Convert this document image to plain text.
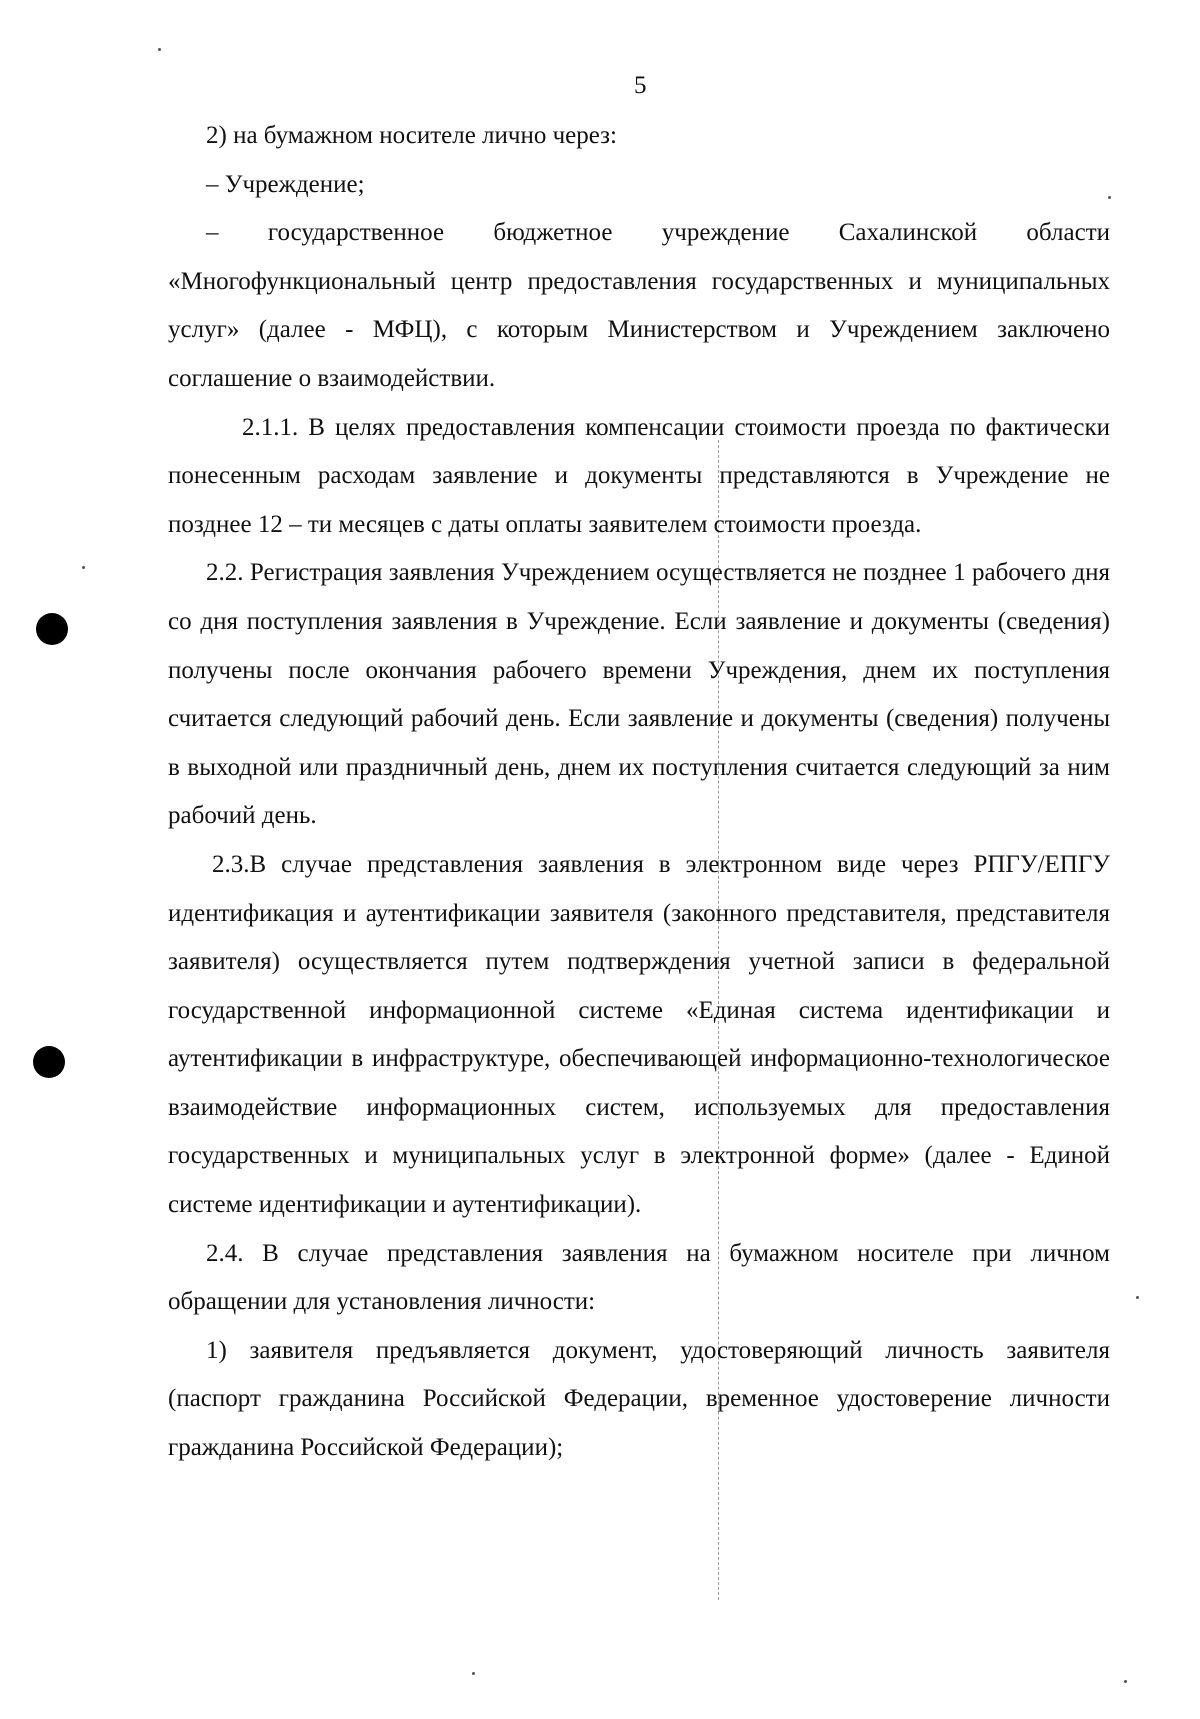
5

2) на бумажном носителе лично через:

– Учреждение;

– государственное бюджетное учреждение Сахалинской области «Многофункциональный центр предоставления государственных и муниципальных услуг» (далее - МФЦ), с которым Министерством и Учреждением заключено соглашение о взаимодействии.

2.1.1. В целях предоставления компенсации стоимости проезда по фактически понесенным расходам заявление и документы представляются в Учреждение не позднее 12 – ти месяцев с даты оплаты заявителем стоимости проезда.

2.2. Регистрация заявления Учреждением осуществляется не позднее 1 рабочего дня со дня поступления заявления в Учреждение. Если заявление и документы (сведения) получены после окончания рабочего времени Учреждения, днем их поступления считается следующий рабочий день. Если заявление и документы (сведения) получены в выходной или праздничный день, днем их поступления считается следующий за ним рабочий день.

2.3.В случае представления заявления в электронном виде через РПГУ/ЕПГУ идентификация и аутентификации заявителя (законного представителя, представителя заявителя) осуществляется путем подтверждения учетной записи в федеральной государственной информационной системе «Единая система идентификации и аутентификации в инфраструктуре, обеспечивающей информационно-технологическое взаимодействие информационных систем, используемых для предоставления государственных и муниципальных услуг в электронной форме» (далее - Единой системе идентификации и аутентификации).

2.4. В случае представления заявления на бумажном носителе при личном обращении для установления личности:

1) заявителя предъявляется документ, удостоверяющий личность заявителя (паспорт гражданина Российской Федерации, временное удостоверение личности гражданина Российской Федерации);
